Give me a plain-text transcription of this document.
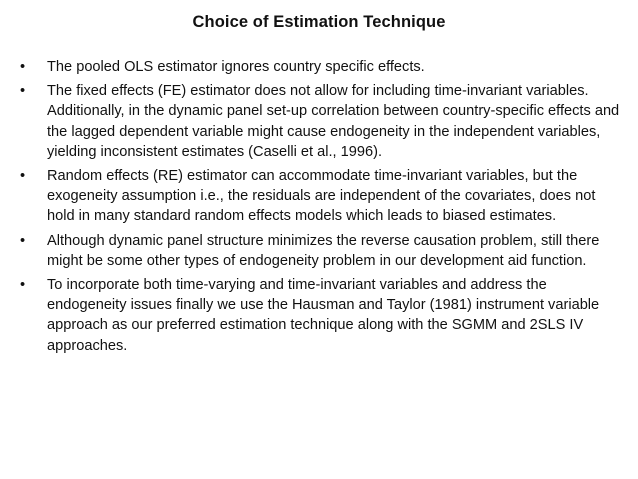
Choice of Estimation Technique
•	The pooled OLS estimator ignores country specific effects.
•	The fixed effects (FE) estimator does not allow for including time-invariant variables. Additionally, in the dynamic panel set-up correlation between country-specific effects and the lagged dependent variable might cause endogeneity in the independent variables, yielding inconsistent estimates (Caselli et al., 1996).
•	Random effects (RE) estimator can accommodate time-invariant variables, but the exogeneity assumption i.e., the residuals are independent of the covariates, does not hold in many standard random effects models which leads to biased estimates.
•	Although dynamic panel structure minimizes the reverse causation problem, still there might be some other types of endogeneity problem in our development aid function.
•	To incorporate both time-varying and time-invariant variables and address the endogeneity issues finally we use the Hausman and Taylor (1981) instrument variable approach as our preferred estimation technique along with the SGMM and 2SLS IV approaches.
